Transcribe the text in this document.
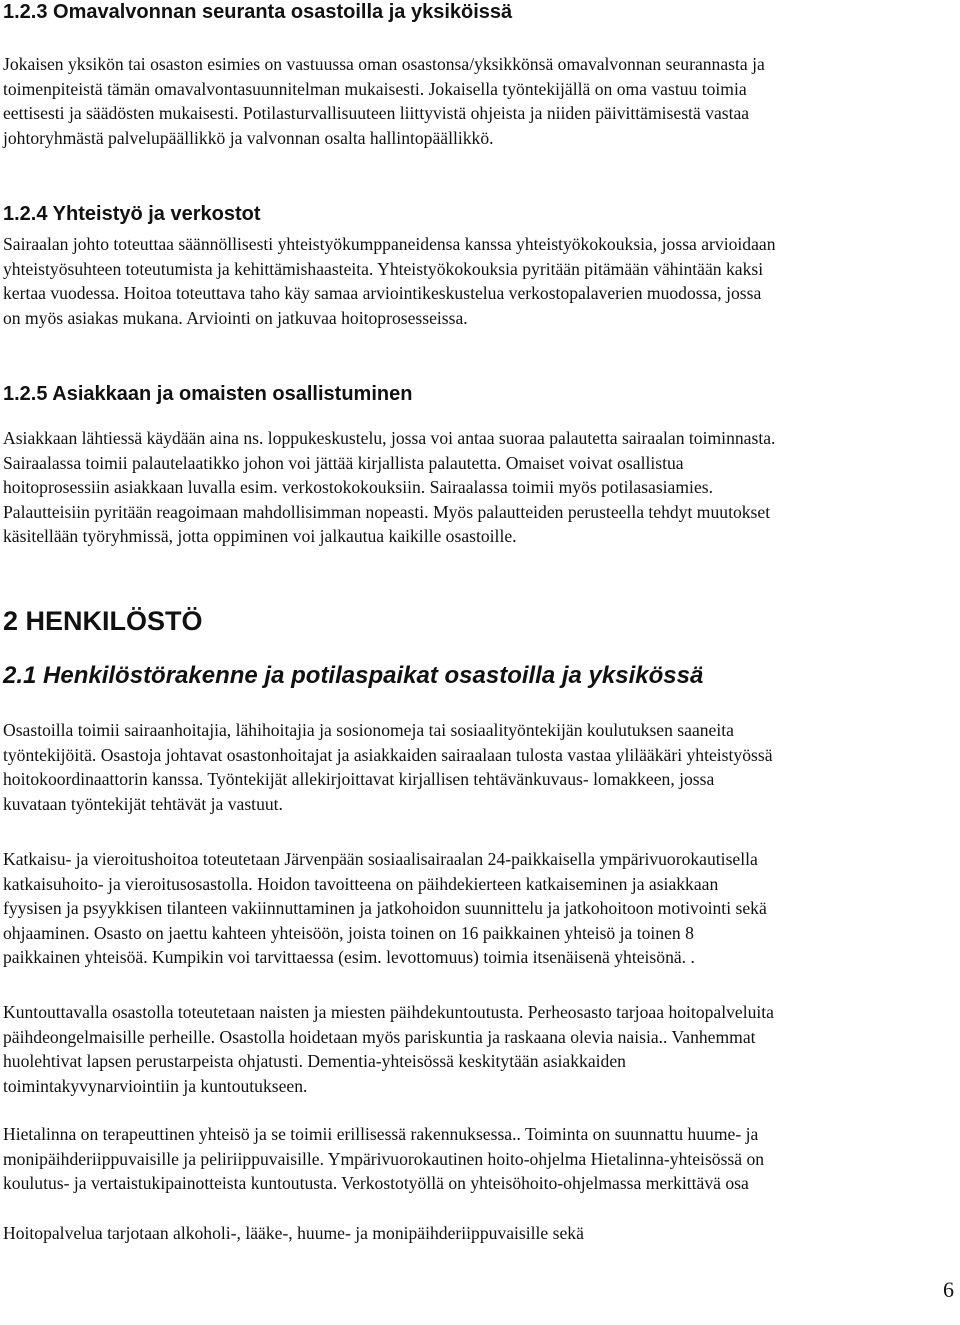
1.2.3 Omavalvonnan seuranta osastoilla ja yksiköissä

Jokaisen yksikön tai osaston esimies on vastuussa oman osastonsa/yksikkönsä omavalvonnan seurannasta ja
toimenpiteistä tämän omavalvontasuunnitelman mukaisesti. Jokaisella työntekijällä on oma vastuu toimia
eettisesti ja säädösten mukaisesti. Potilasturvallisuuteen liittyvistä ohjeista ja niiden päivittämisestä vastaa
johtoryhmästä palvelupäällikkö ja valvonnan osalta hallintopäällikkö.

1.2.4 Yhteistyö ja verkostot

Sairaalan johto toteuttaa säännöllisesti yhteistyökumppaneidensa kanssa yhteistyökokouksia, jossa arvioidaan
yhteistyösuhteen toteutumista ja kehittämishaasteita. Yhteistyökokouksia pyritään pitämään vähintään kaksi
kertaa vuodessa. Hoitoa toteuttava taho käy samaa arviointikeskustelua verkostopalaverien muodossa, jossa
on myös asiakas mukana. Arviointi on jatkuvaa hoitoprosesseissa.

1.2.5 Asiakkaan ja omaisten osallistuminen

Asiakkaan lähtiessä käydään aina ns. loppukeskustelu, jossa voi antaa suoraa palautetta sairaalan toiminnasta.
Sairaalassa toimii palautelaatikko johon voi jättää kirjallista palautetta. Omaiset voivat osallistua
hoitoprosessiin asiakkaan luvalla esim. verkostokokouksiin. Sairaalassa toimii myös potilasasiamies.
Palautteisiin pyritään reagoimaan mahdollisimman nopeasti. Myös palautteiden perusteella tehdyt muutokset
käsitellään työryhmissä, jotta oppiminen voi jalkautua kaikille osastoille.

2 HENKILÖSTÖ
2.1 Henkilöstörakenne ja potilaspaikat osastoilla ja yksikössä

Osastoilla toimii sairaanhoitajia, lähihoitajia ja sosionomeja tai sosiaalityöntekijän koulutuksen saaneita
työntekijöitä. Osastoja johtavat osastonhoitajat ja asiakkaiden sairaalaan tulosta vastaa ylilääkäri yhteistyössä
hoitokoordinaattorin kanssa. Työntekijät allekirjoittavat kirjallisen tehtävänkuvaus- lomakkeen, jossa
kuvataan työntekijät tehtävät ja vastuut.

Katkaisu- ja vieroitushoitoa toteutetaan Järvenpään sosiaalisairaalan 24-paikkaisella ympärivuorokautisella
katkaisuhoito- ja vieroitusosastolla. Hoidon tavoitteena on päihdekierteen katkaiseminen ja asiakkaan
fyysisen ja psyykkisen tilanteen vakiinnuttaminen ja jatkohoidon suunnittelu ja jatkohoitoon motivointi sekä
ohjaaminen. Osasto on jaettu kahteen yhteisöön, joista toinen on 16 paikkainen yhteisö ja toinen 8
paikkainen yhteisöä. Kumpikin voi tarvittaessa (esim. levottomuus) toimia itsenäisenä yhteisönä. .

Kuntouttavalla osastolla toteutetaan naisten ja miesten päihdekuntoutusta. Perheosasto tarjoaa hoitopalveluita
päihdeongelmaisille perheille. Osastolla hoidetaan myös pariskuntia ja raskaana olevia naisia.. Vanhemmat
huolehtivat lapsen perustarpeista ohjatusti. Dementia-yhteisössä keskitytään asiakkaiden
toimintakyvynarviointiin ja kuntoutukseen.

Hietalinna on terapeuttinen yhteisö ja se toimii erillisessä rakennuksessa.. Toiminta on suunnattu huume- ja
monipäihderiippuvaisille ja peliriippuvaisille. Ympärivuorokautinen hoito-ohjelma Hietalinna-yhteisössä on
koulutus- ja vertaistukipainotteista kuntoutusta. Verkostotyöllä on yhteisöhoito-ohjelmassa merkittävä osa

Hoitopalvelua tarjotaan alkoholi-, lääke-, huume- ja monipäihderiippuvaisille sekä

6
